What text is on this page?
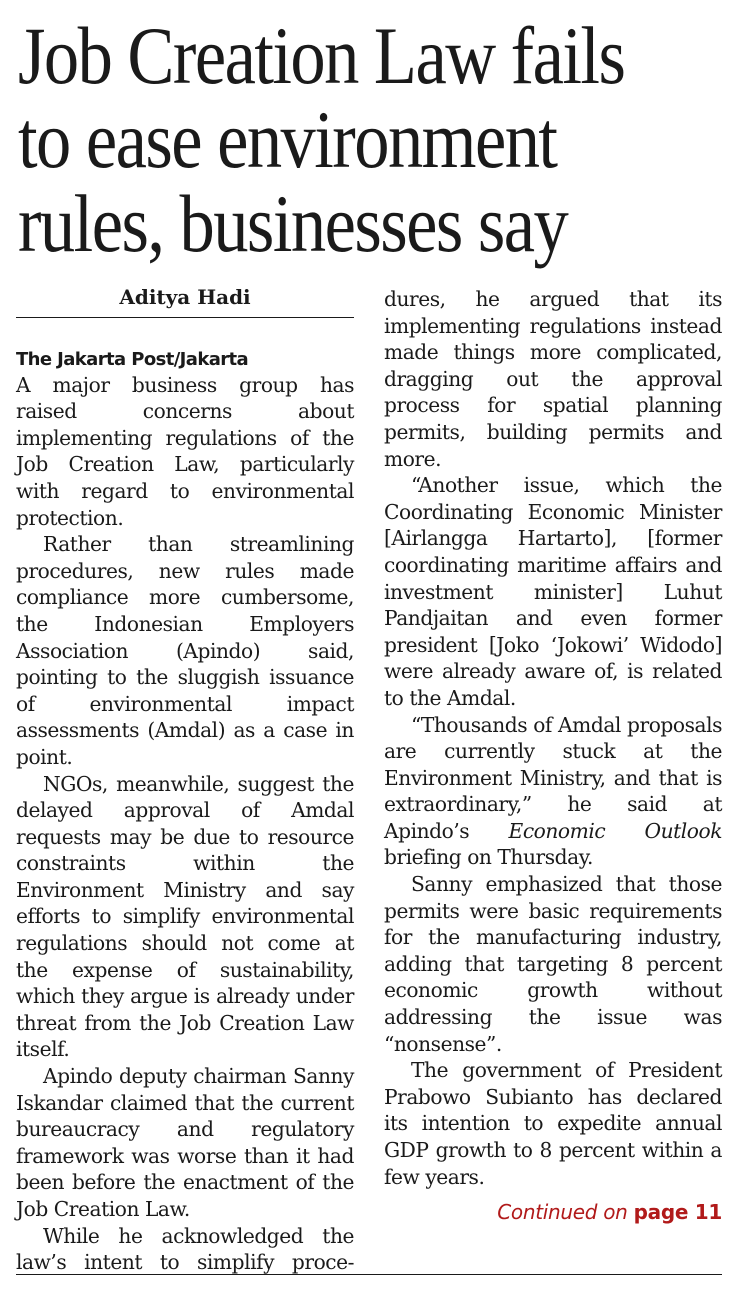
Job Creation Law fails
to ease environment
rules, businesses say
Aditya Hadi

The Jakarta Post/Jakarta

A major business group has raised concerns about implementing regulations of the Job Creation Law, particularly with regard to environmental protection.

Rather than streamlining procedures, new rules made compliance more cumbersome, the Indonesian Employers Association (Apindo) said, pointing to the sluggish issuance of environmental impact assessments (Amdal) as a case in point.

NGOs, meanwhile, suggest the delayed approval of Amdal requests may be due to resource constraints within the Environment Ministry and say efforts to simplify environmental regulations should not come at the expense of sustainability, which they argue is already under threat from the Job Creation Law itself.

Apindo deputy chairman Sanny Iskandar claimed that the current bureaucracy and regulatory framework was worse than it had been before the enactment of the Job Creation Law.

While he acknowledged the law’s intent to simplify proce-

dures, he argued that its implementing regulations instead made things more complicated, dragging out the approval process for spatial planning permits, building permits and more.

“Another issue, which the Coordinating Economic Minister [Airlangga Hartarto], [former coordinating maritime affairs and investment minister] Luhut Pandjaitan and even former president [Joko ‘Jokowi’ Widodo] were already aware of, is related to the Amdal.

“Thousands of Amdal proposals are currently stuck at the Environment Ministry, and that is extraordinary,” he said at Apindo’s Economic Outlook briefing on Thursday.

Sanny emphasized that those permits were basic requirements for the manufacturing industry, adding that targeting 8 percent economic growth without addressing the issue was “nonsense”.

The government of President Prabowo Subianto has declared its intention to expedite annual GDP growth to 8 percent within a few years.

Continued on page 11
